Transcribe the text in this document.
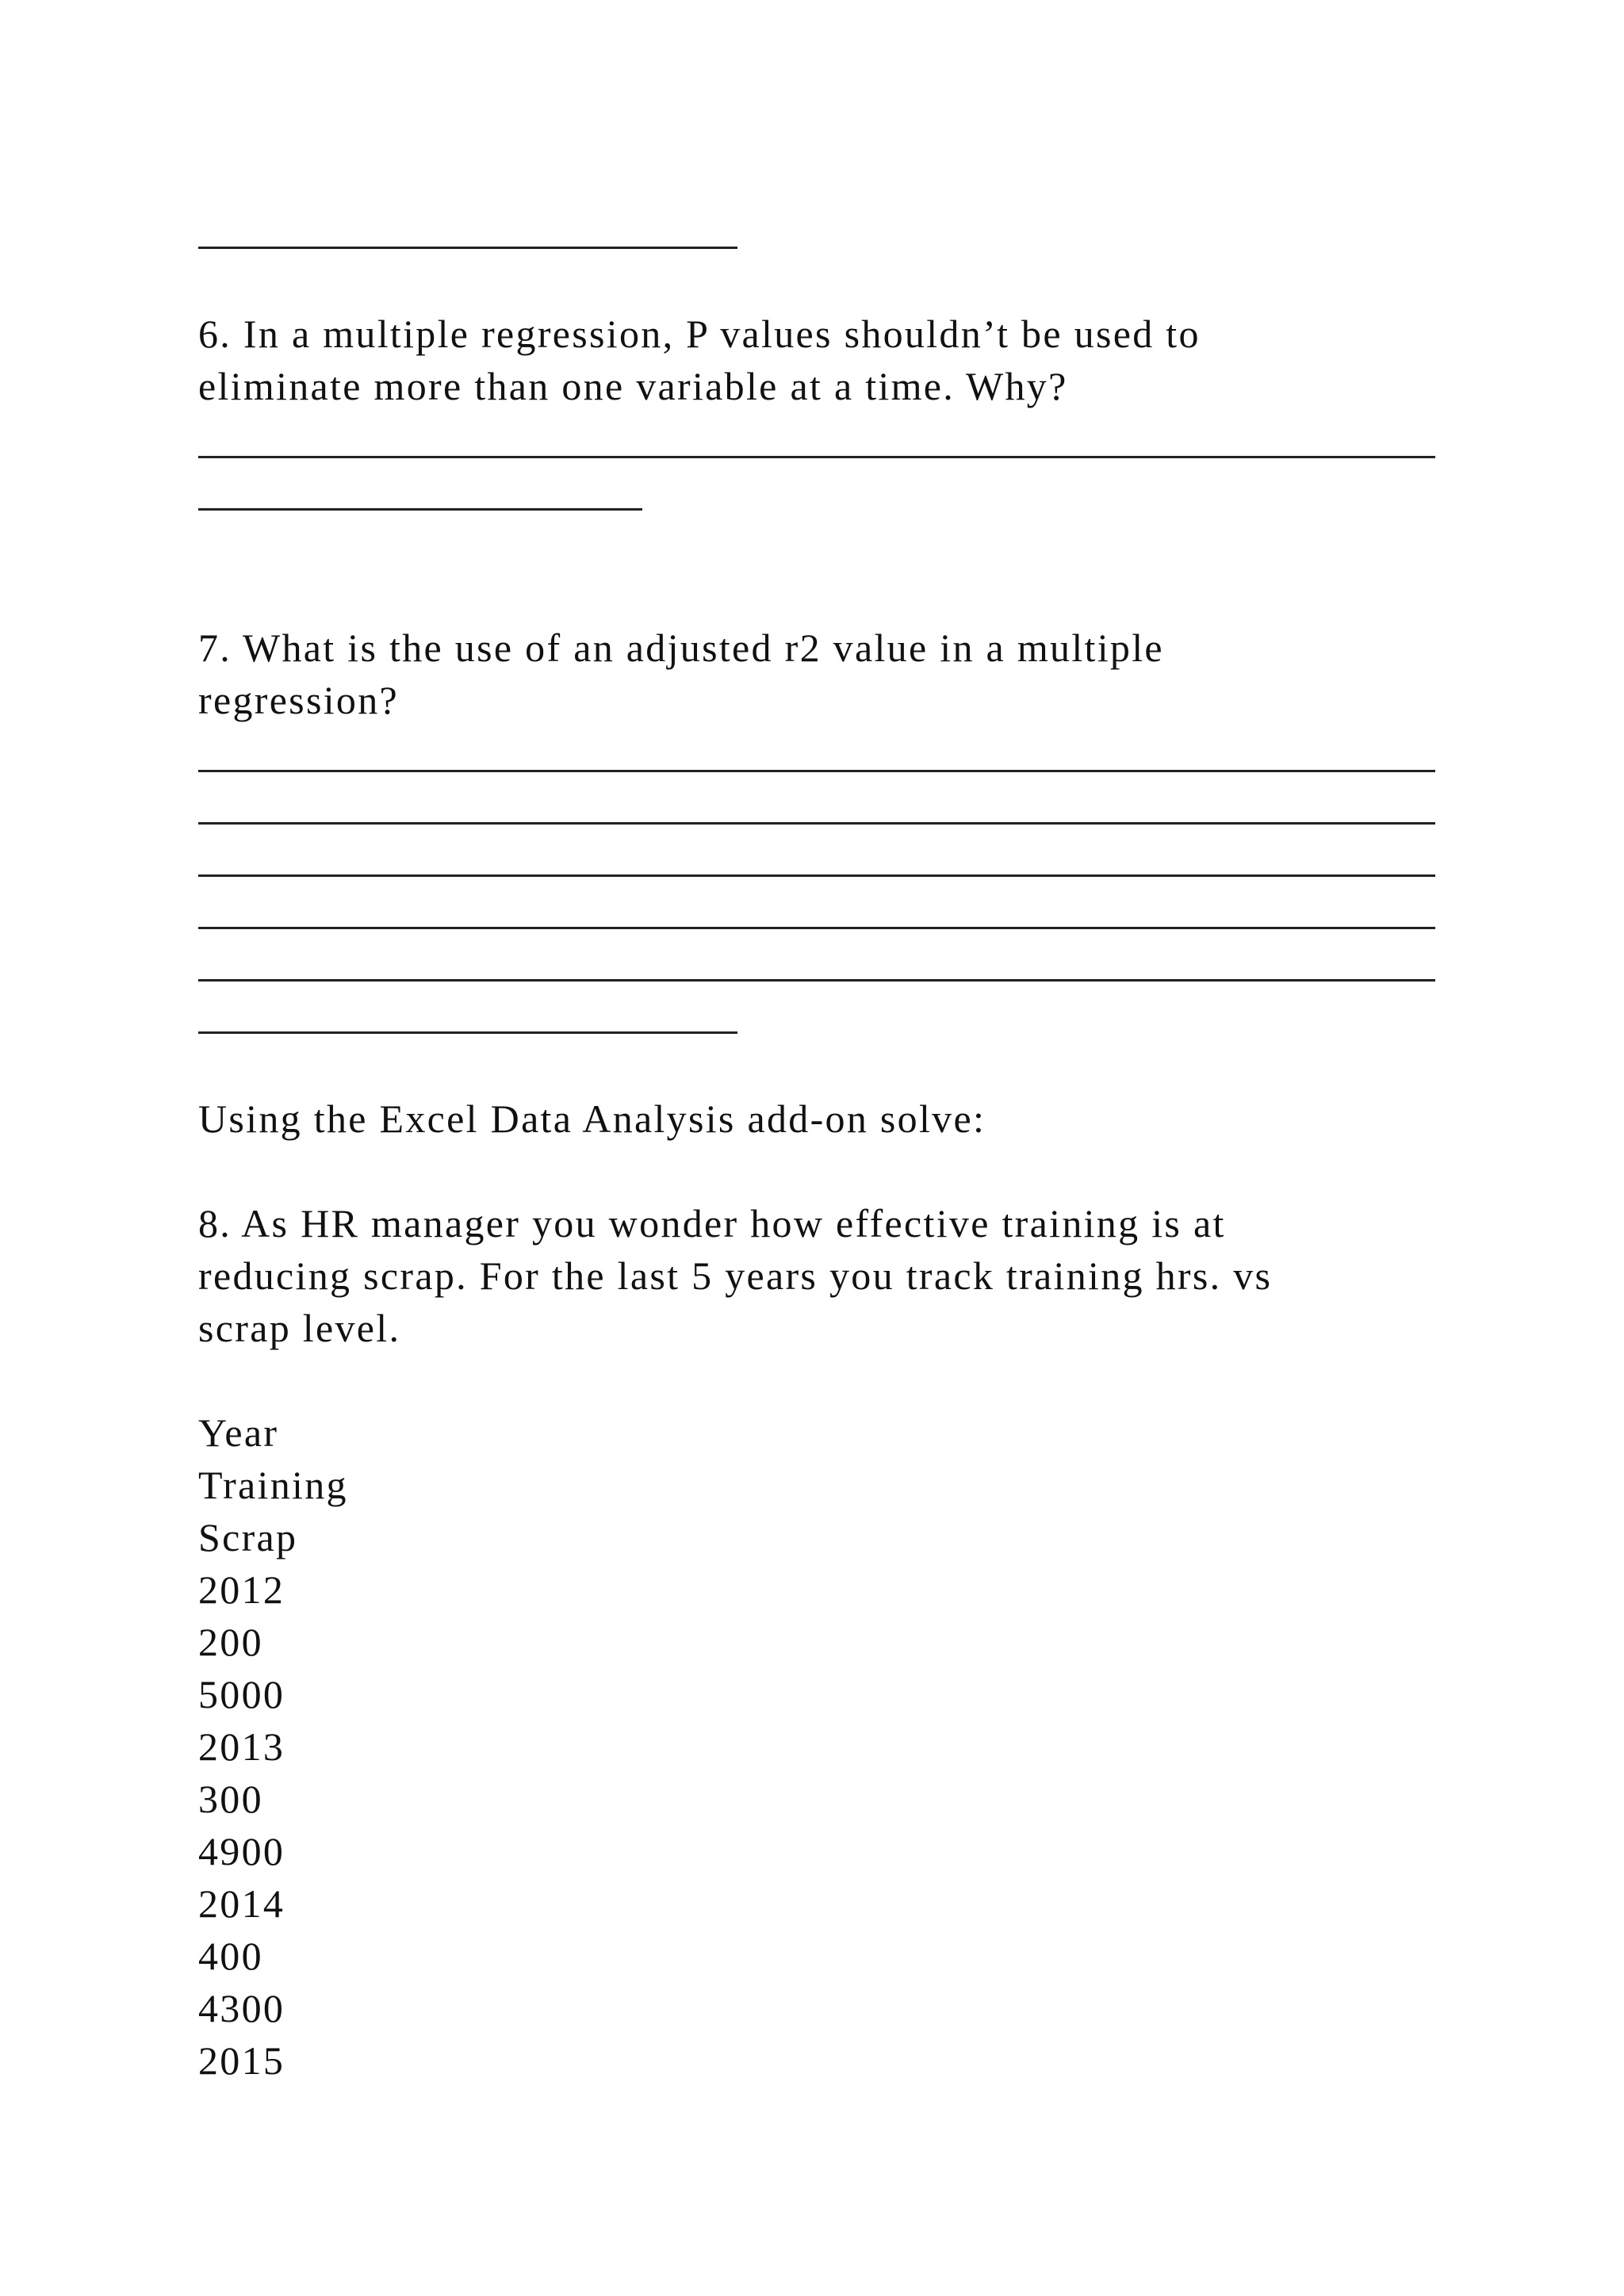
6. In a multiple regression, P values shouldn’t be used to
eliminate more than one variable at a time. Why?
7. What is the use of an adjusted r2 value in a multiple
regression?
Using the Excel Data Analysis add-on solve:
8. As HR manager you wonder how effective training is at
reducing scrap. For the last 5 years you track training hrs. vs
scrap level.
Year
Training
Scrap
2012
200
5000
2013
300
4900
2014
400
4300
2015
